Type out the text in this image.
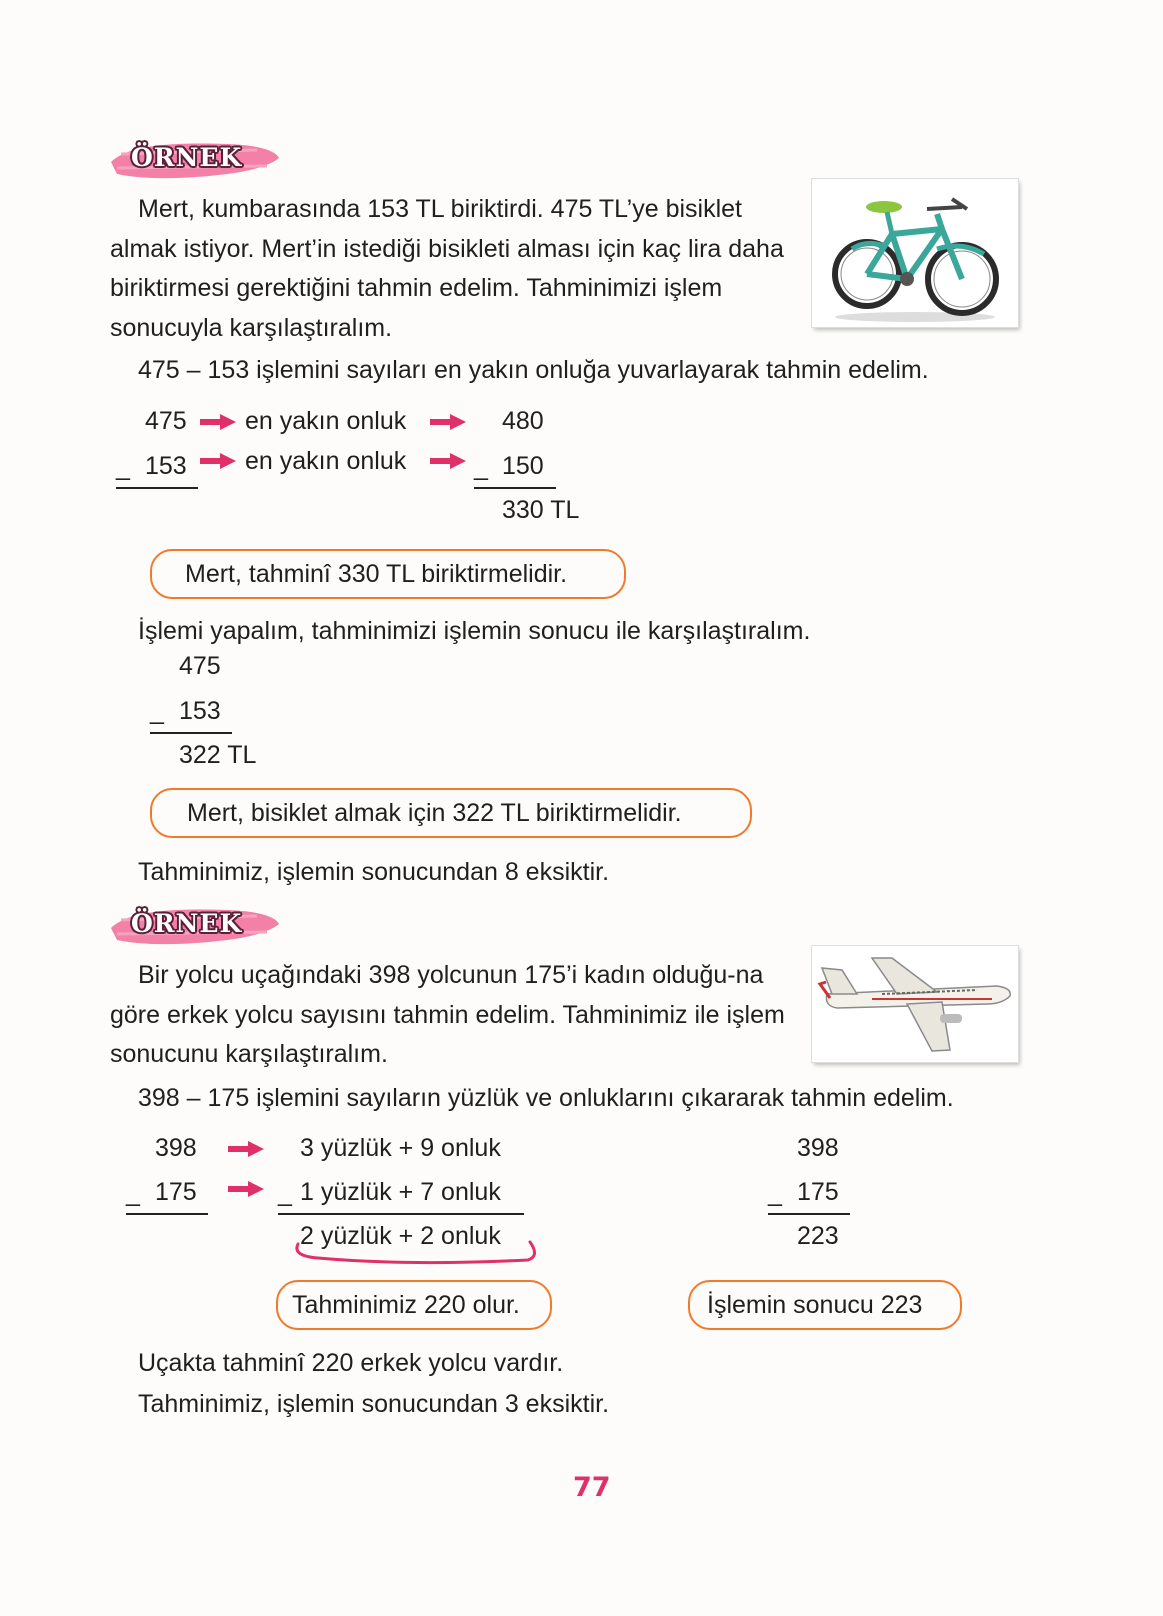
ÖRNEK
Mert, kumbarasında 153 TL biriktirdi. 475 TL’ye bisiklet almak istiyor. Mert’in istediği bisikleti alması için kaç lira daha biriktirmesi gerektiğini tahmin edelim. Tahminimizi işlem sonucuyla karşılaştıralım.
475 – 153 işlemini sayıları en yakın onluğa yuvarlayarak tahmin edelim.
475 en yakın onluk	480
_ 153 en yakın onluk	_ 150
330 TL
Mert, tahminî 330 TL biriktirmelidir.
İşlemi yapalım, tahminimizi işlemin sonucu ile karşılaştıralım.
475
_ 153
322 TL
Mert, bisiklet almak için 322 TL biriktirmelidir.
Tahminimiz, işlemin sonucundan 8 eksiktir.
ÖRNEK
Bir yolcu uçağındaki 398 yolcunun 175’i kadın olduğu-na göre erkek yolcu sayısını tahmin edelim. Tahminimiz ile işlem sonucunu karşılaştıralım.
398 – 175 işlemini sayıların yüzlük ve onluklarını çıkararak tahmin edelim.
398	3 yüzlük + 9 onluk
_ 175	_ 1 yüzlük + 7 onluk
2 yüzlük + 2 onluk
398
_ 175
223
Tahminimiz 220 olur.	İşlemin sonucu 223
Uçakta tahminî 220 erkek yolcu vardır.
Tahminimiz, işlemin sonucundan 3 eksiktir.
77
